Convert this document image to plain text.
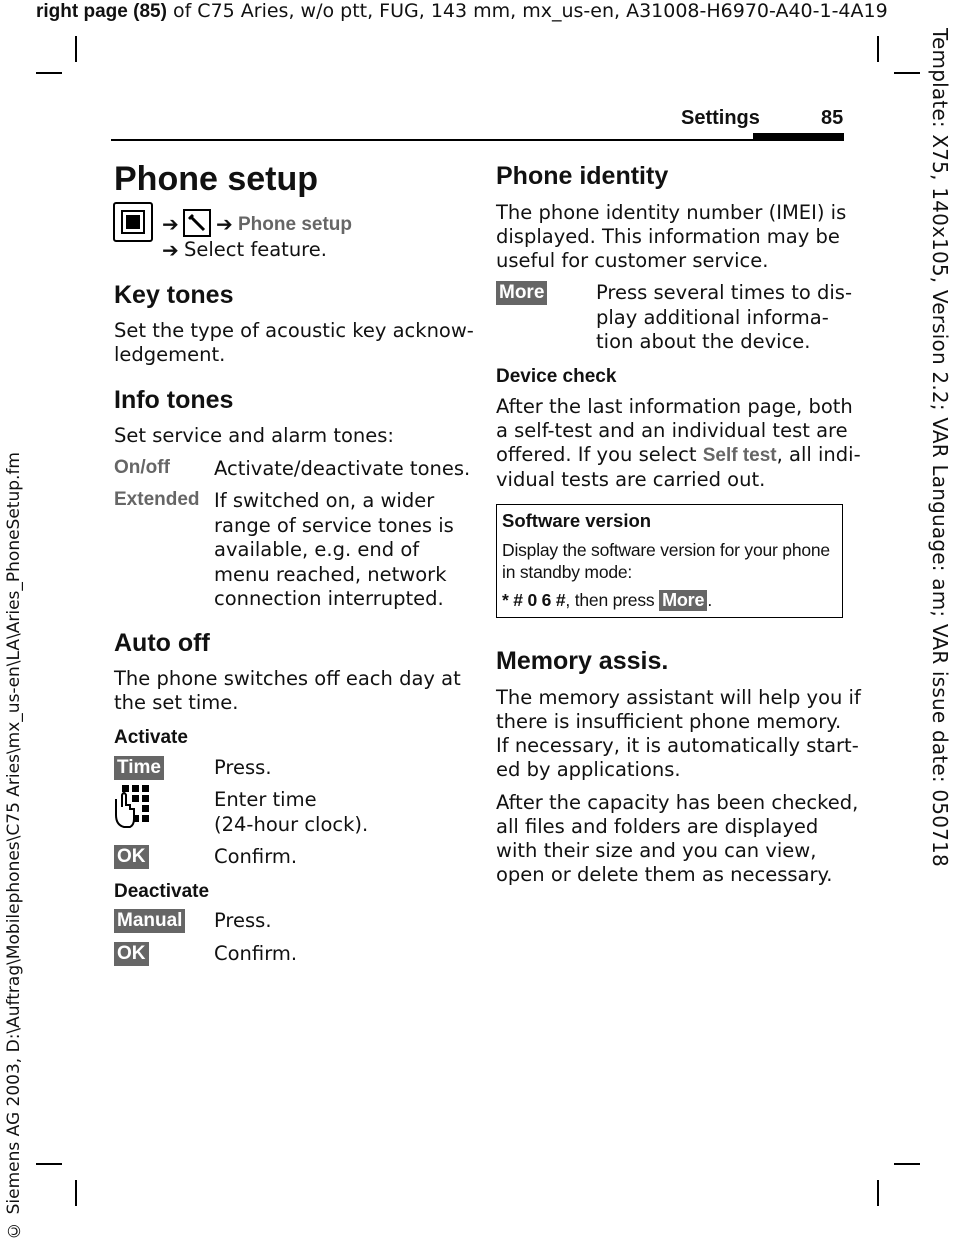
right page (85) of C75 Aries, w/o ptt, FUG, 143 mm, mx_us-en, A31008-H6970-A40-1-4A19
Template: X75, 140x105, Version 2.2; VAR Language: am; VAR issue date: 050718
© Siemens AG 2003, D:\Auftrag\Mobilephones\C75 Aries\mx_us-en\LA\Aries_PhoneSetup.fm
Settings	85
Phone setup
➔ ➔ Phone setup
➔ Select feature.
Key tones
Set the type of acoustic key acknow-
ledgement.
Info tones
Set service and alarm tones:
On/off Activate/deactivate tones.
Extended If switched on, a wider
range of service tones is
available, e.g. end of
menu reached, network
connection interrupted.
Auto off
The phone switches off each day at
the set time.
Activate
Time	Press.
Enter time
(24-hour clock).
OK	Confirm.
Deactivate
Manual Press.
OK	Confirm.
Phone identity
The phone identity number (IMEI) is
displayed. This information may be
useful for customer service.
More	Press several times to dis-
play additional informa-
tion about the device.
Device check
After the last information page, both
a self-test and an individual test are
offered. If you select Self test, all indi-
vidual tests are carried out.
Software version
Display the software version for your phone
in standby mode:
* # 0 6 #, then press More .
Memory assis.
The memory assistant will help you if
there is insufficient phone memory.
If necessary, it is automatically start-
ed by applications.
After the capacity has been checked,
all files and folders are displayed
with their size and you can view,
open or delete them as necessary.
